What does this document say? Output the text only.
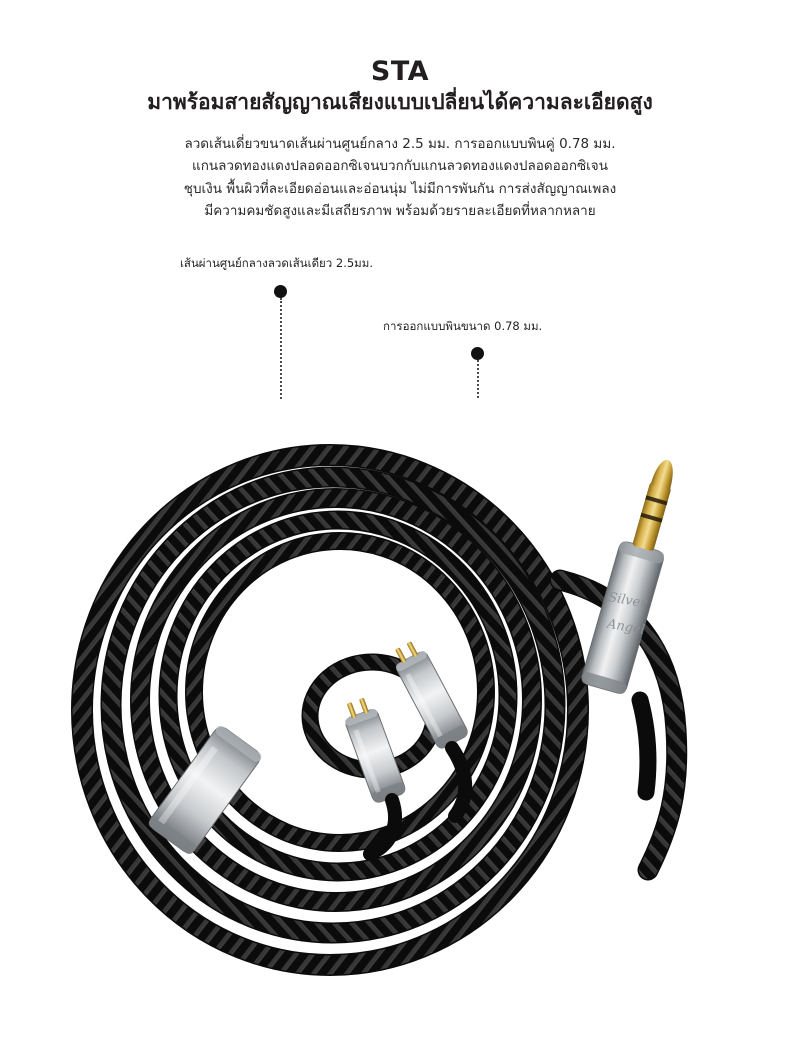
STA
มาพร้อมสายสัญญาณเสียงแบบเปลี่ยนได้ความละเอียดสูง

ลวดเส้นเดี่ยวขนาดเส้นผ่านศูนย์กลาง 2.5 มม. การออกแบบพินคู่ 0.78 มม.

แกนลวดทองแดงปลอดออกซิเจนบวกกับแกนลวดทองแดงปลอดออกซิเจน

ชุบเงิน พื้นผิวที่ละเอียดอ่อนและอ่อนนุ่ม ไม่มีการพันกัน การส่งสัญญาณเพลง

มีความคมชัดสูงและมีเสถียรภาพ พร้อมด้วยรายละเอียดที่หลากหลาย

เส้นผ่านศูนย์กลางลวดเส้นเดียว 2.5มม.
การออกแบบพินขนาด 0.78 มม.
Silver
Angel
